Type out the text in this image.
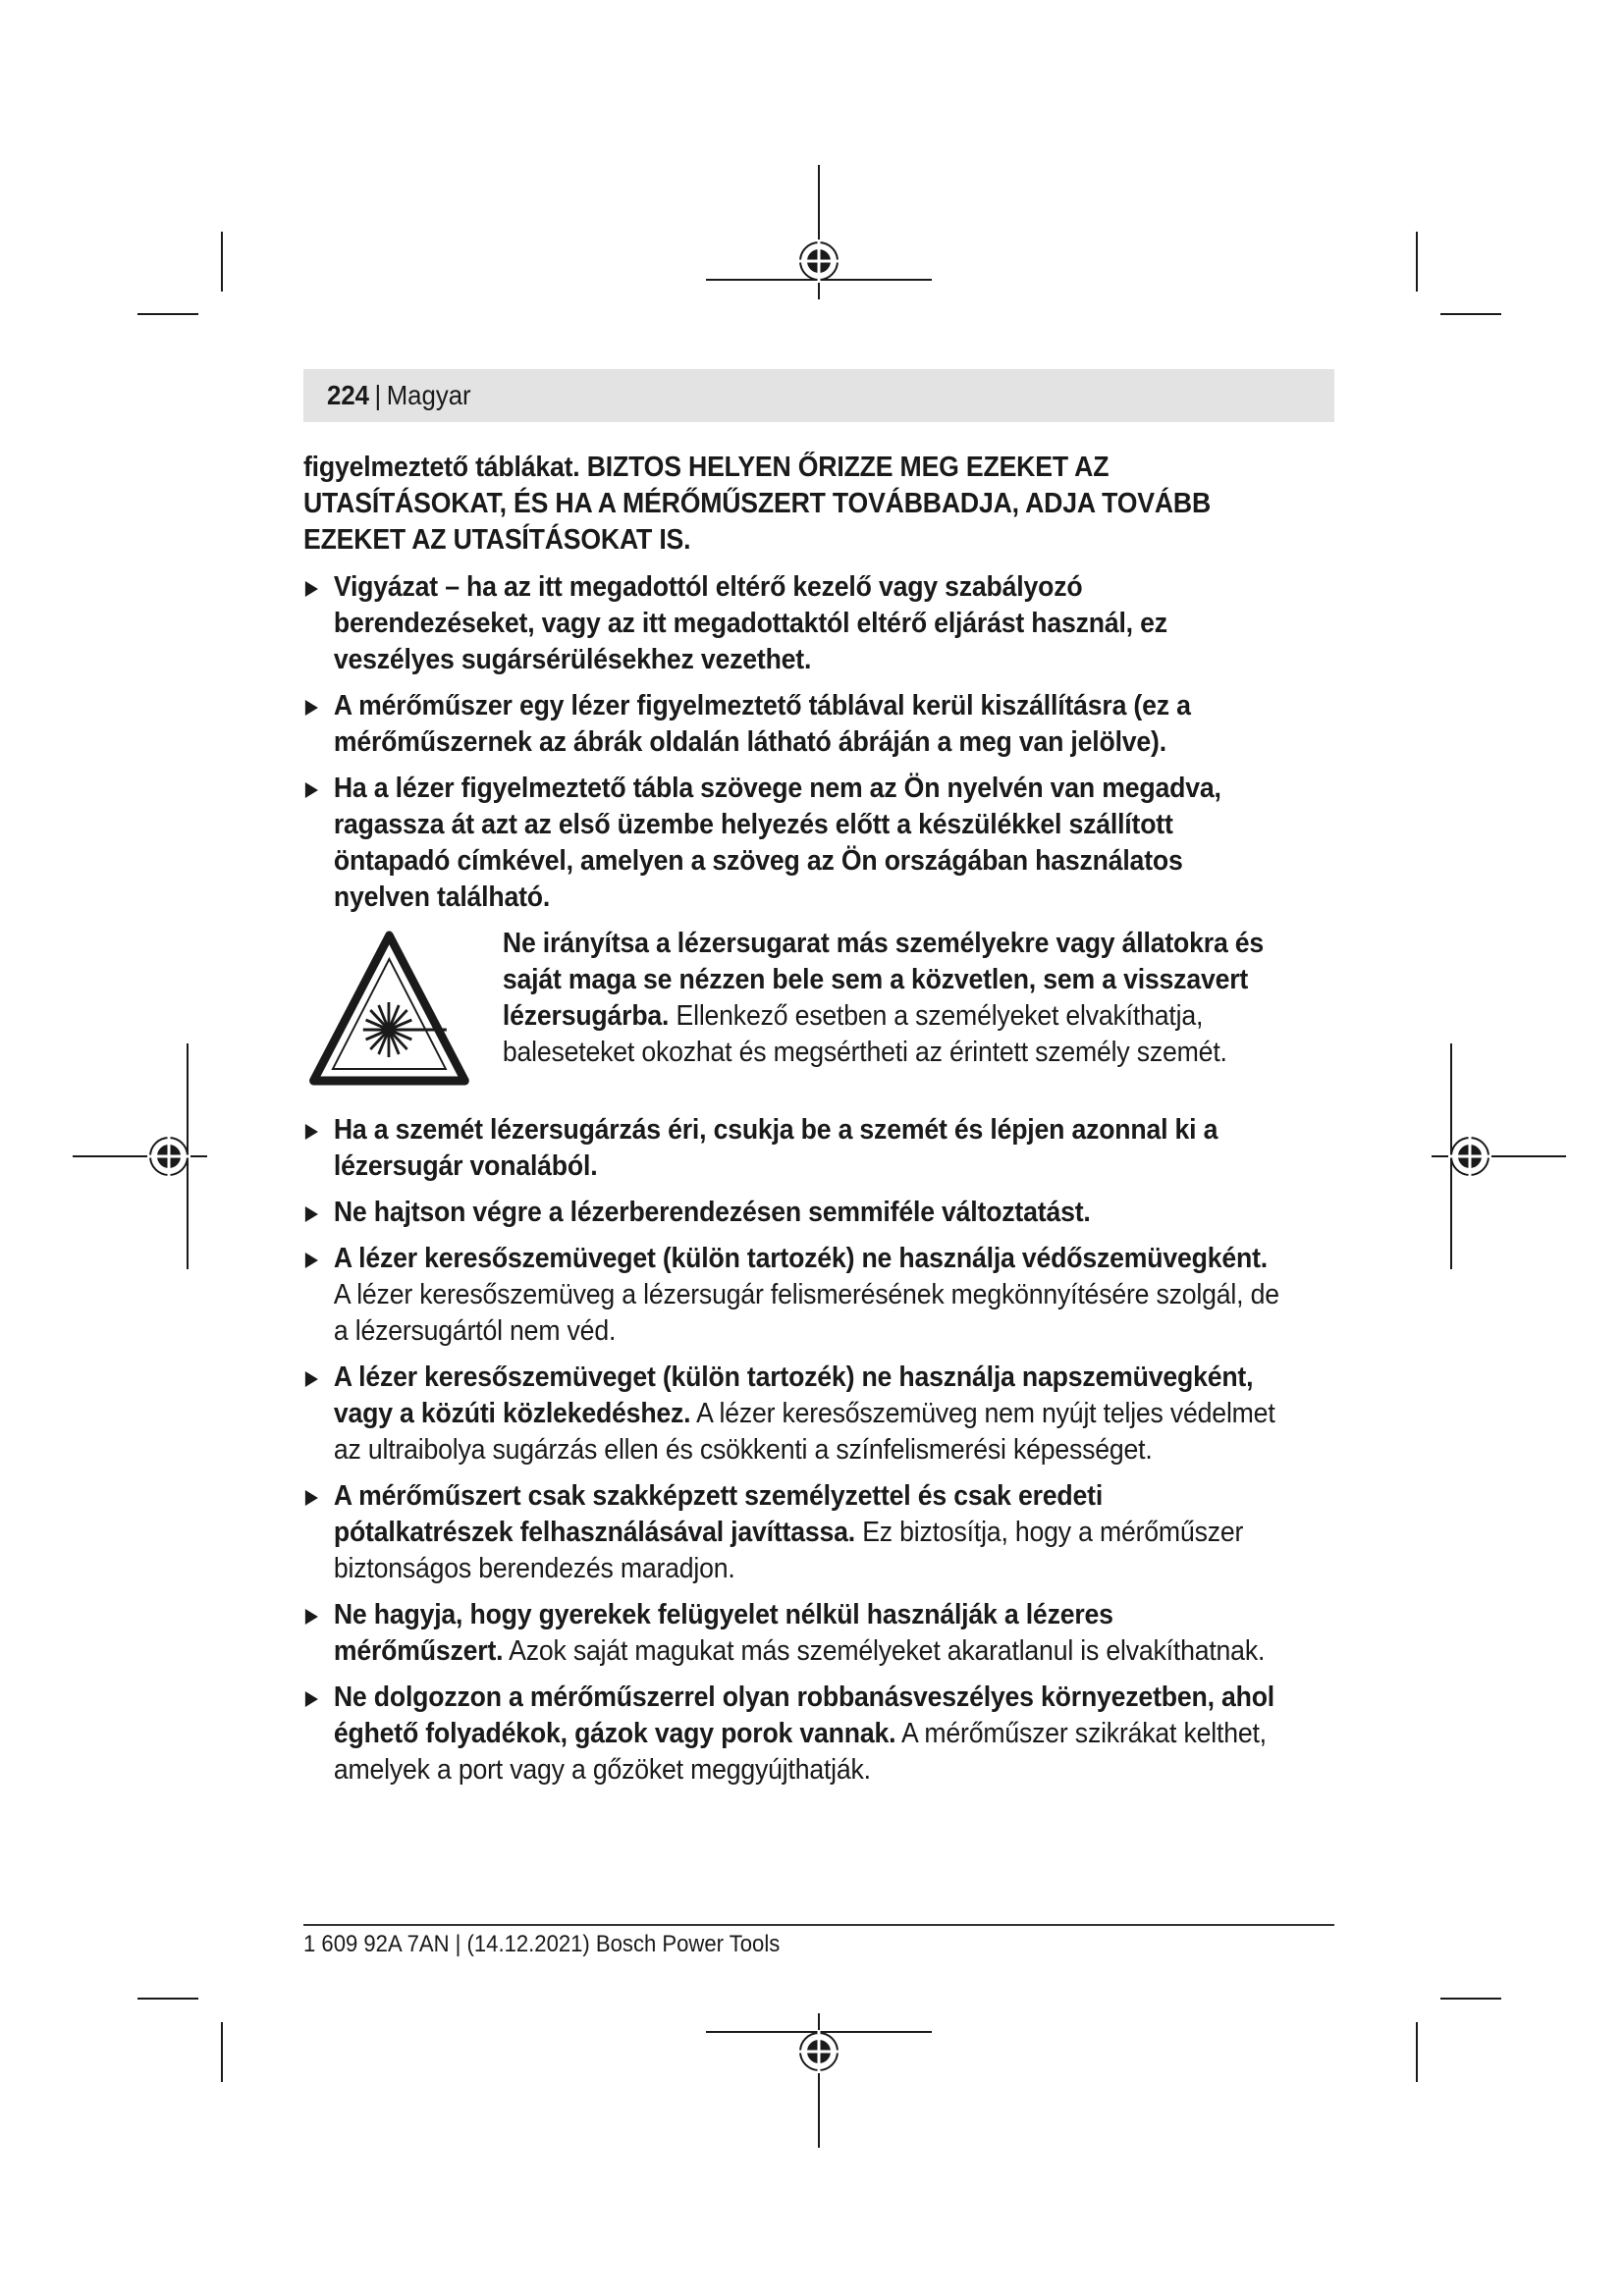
224 | Magyar

figyelmeztető táblákat. BIZTOS HELYEN ŐRIZZE MEG EZEKET AZ UTASÍTÁSOKAT, ÉS HA A MÉRŐMŰSZERT TOVÁBBADJA, ADJA TOVÁBB EZEKET AZ UTASÍTÁSOKAT IS.

Vigyázat – ha az itt megadottól eltérő kezelő vagy szabályozó berendezéseket, vagy az itt megadottaktól eltérő eljárást használ, ez veszélyes sugársérülésekhez vezethet.
A mérőműszer egy lézer figyelmeztető táblával kerül kiszállításra (ez a mérőműszernek az ábrák oldalán látható ábráján a meg van jelölve).
Ha a lézer figyelmeztető tábla szövege nem az Ön nyelvén van megadva, ragassza át azt az első üzembe helyezés előtt a készülékkel szállított öntapadó címkével, amelyen a szöveg az Ön országában használatos nyelven található.

Ne irányítsa a lézersugarat más személyekre vagy állatokra és saját maga se nézzen bele sem a közvetlen, sem a visszavert lézersugárba. Ellenkező esetben a személyeket elvakíthatja, baleseteket okozhat és megsértheti az érintett személy szemét.

Ha a szemét lézersugárzás éri, csukja be a szemét és lépjen azonnal ki a lézersugár vonalából.
Ne hajtson végre a lézerberendezésen semmiféle változtatást.
A lézer keresőszemüveget (külön tartozék) ne használja védőszemüvegként. A lézer keresőszemüveg a lézersugár felismerésének megkönnyítésére szolgál, de a lézersugártól nem véd.
A lézer keresőszemüveget (külön tartozék) ne használja napszemüvegként, vagy a közúti közlekedéshez. A lézer keresőszemüveg nem nyújt teljes védelmet az ultraibolya sugárzás ellen és csökkenti a színfelismerési képességet.
A mérőműszert csak szakképzett személyzettel és csak eredeti pótalkatrészek felhasználásával javíttassa. Ez biztosítja, hogy a mérőműszer biztonságos berendezés maradjon.
Ne hagyja, hogy gyerekek felügyelet nélkül használják a lézeres mérőműszert. Azok saját magukat más személyeket akaratlanul is elvakíthatnak.
Ne dolgozzon a mérőműszerrel olyan robbanásveszélyes környezetben, ahol éghető folyadékok, gázok vagy porok vannak. A mérőműszer szikrákat kelthet, amelyek a port vagy a gőzöket meggyújthatják.
1 609 92A 7AN | (14.12.2021) Bosch Power Tools
